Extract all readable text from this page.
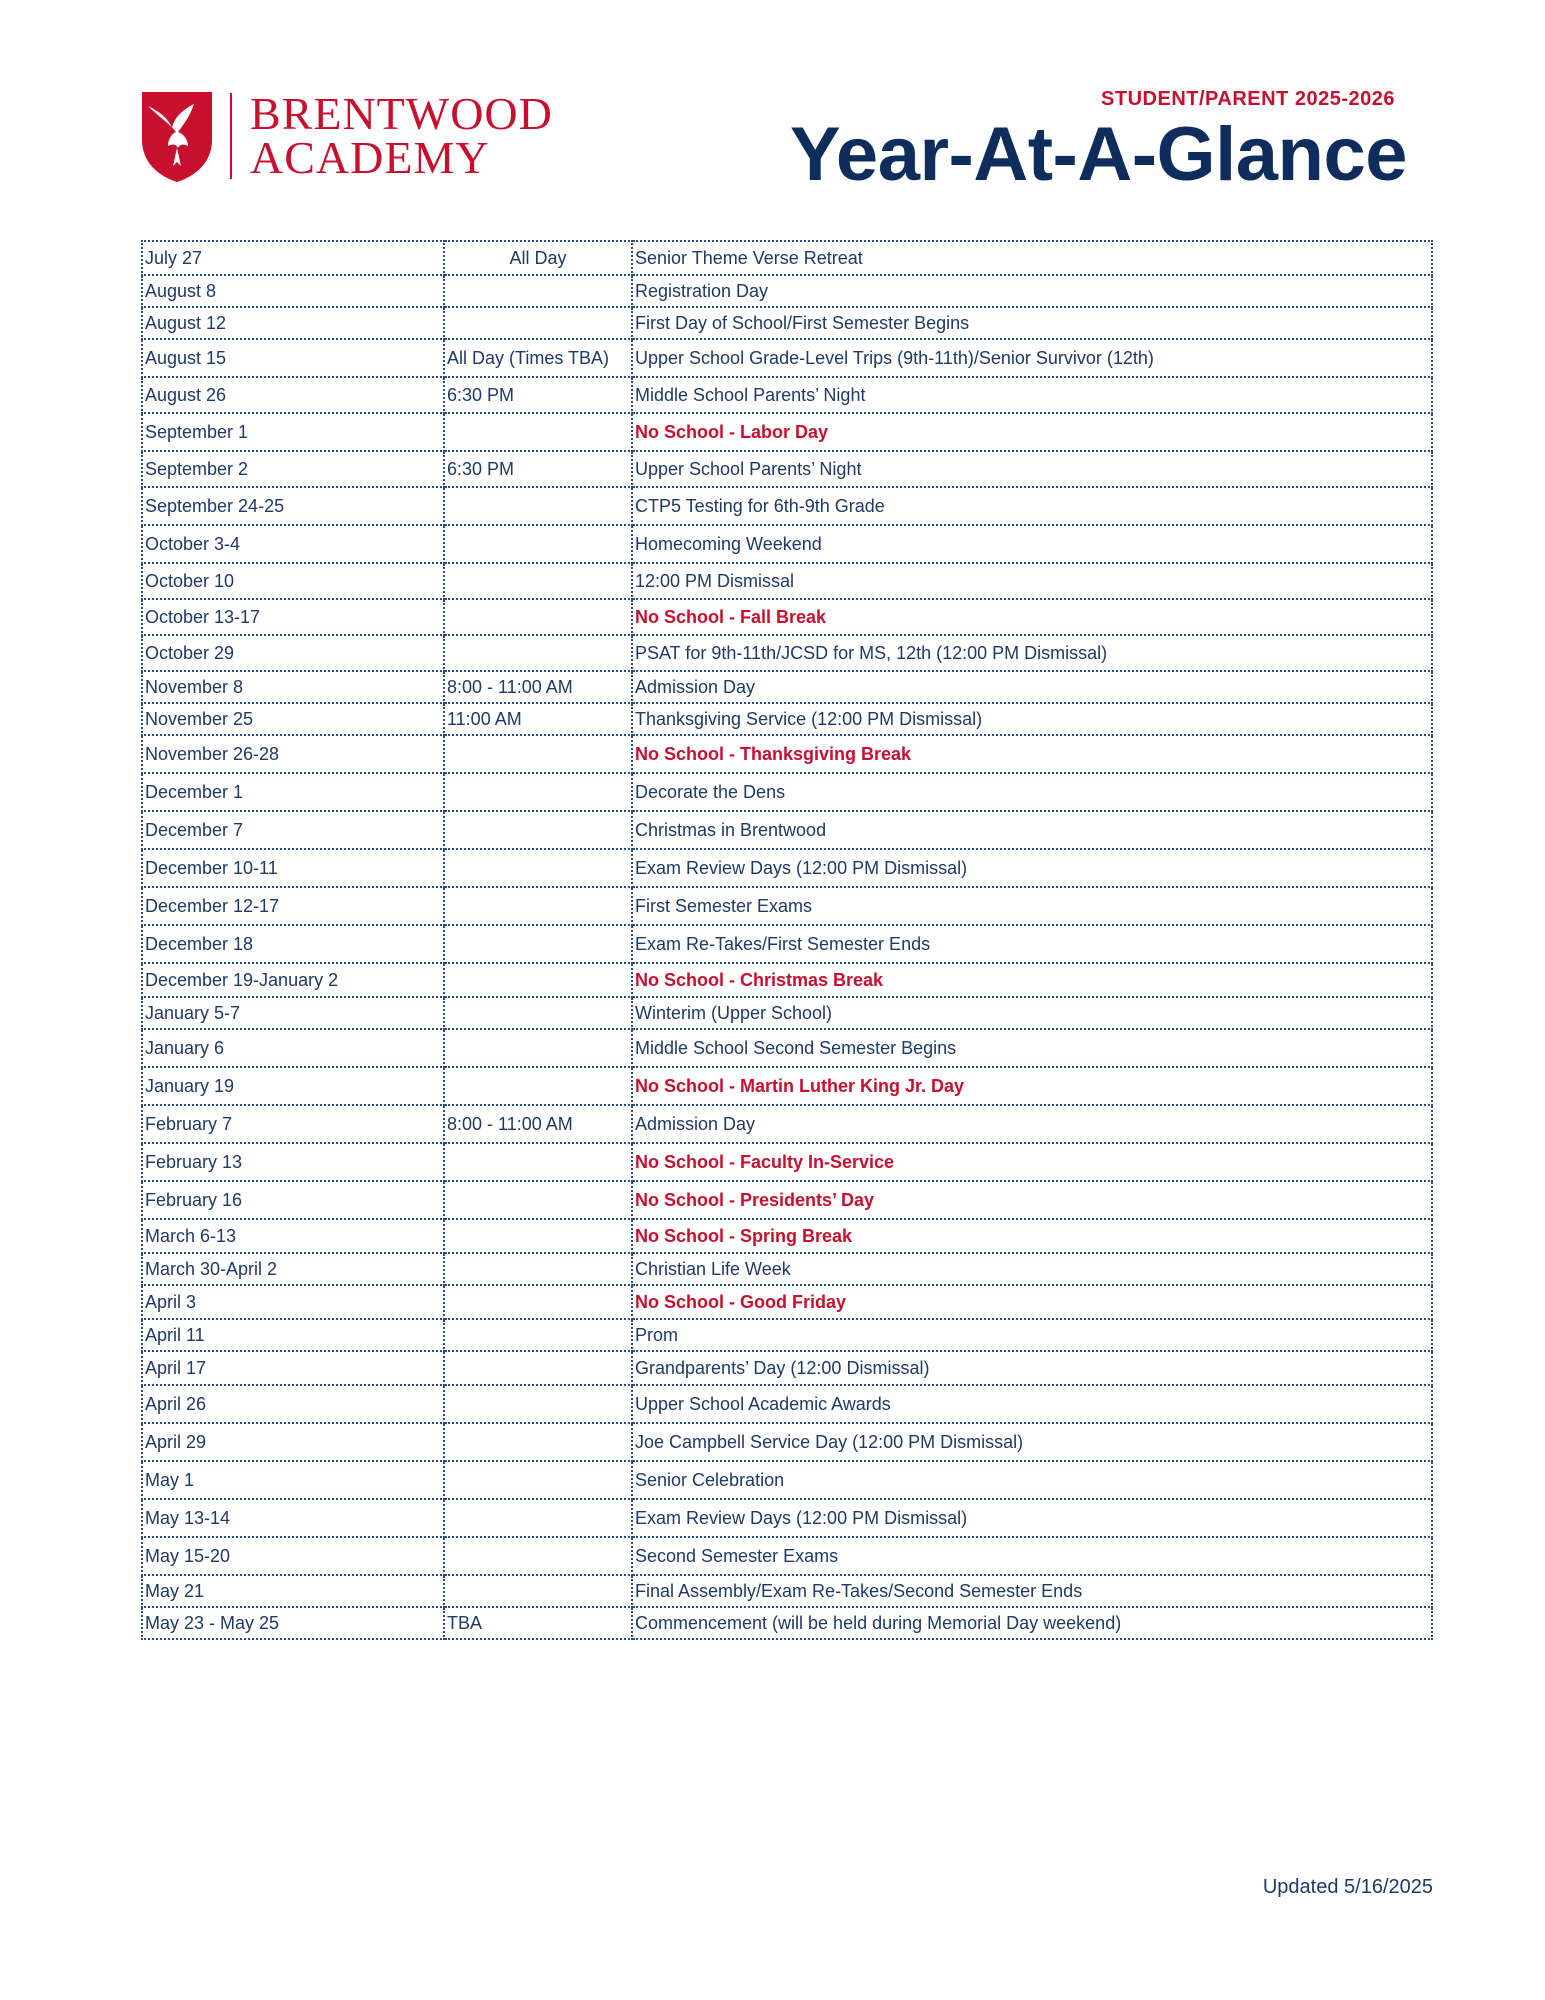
BRENTWOOD
ACADEMY
STUDENT/PARENT 2025-2026
Year-At-A-Glance
July 27	All Day	Senior Theme Verse Retreat
August 8		Registration Day
August 12		First Day of School/First Semester Begins
August 15	All Day (Times TBA)	Upper School Grade-Level Trips (9th-11th)/Senior Survivor (12th)
August 26	6:30 PM	Middle School Parents’ Night
September 1		No School - Labor Day
September 2	6:30 PM	Upper School Parents’ Night
September 24-25		CTP5 Testing for 6th-9th Grade
October 3-4		Homecoming Weekend
October 10		12:00 PM Dismissal
October 13-17		No School - Fall Break
October 29		PSAT for 9th-11th/JCSD for MS, 12th (12:00 PM Dismissal)
November 8	8:00 - 11:00 AM	Admission Day
November 25	11:00 AM	Thanksgiving Service (12:00 PM Dismissal)
November 26-28		No School - Thanksgiving Break
December 1		Decorate the Dens
December 7		Christmas in Brentwood
December 10-11		Exam Review Days (12:00 PM Dismissal)
December 12-17		First Semester Exams
December 18		Exam Re-Takes/First Semester Ends
December 19-January 2		No School - Christmas Break
January 5-7		Winterim (Upper School)
January 6		Middle School Second Semester Begins
January 19		No School - Martin Luther King Jr. Day
February 7	8:00 - 11:00 AM	Admission Day
February 13		No School - Faculty In-Service
February 16		No School - Presidents’ Day
March 6-13		No School - Spring Break
March 30-April 2		Christian Life Week
April 3		No School - Good Friday
April 11		Prom
April 17		Grandparents’ Day (12:00 Dismissal)
April 26		Upper School Academic Awards
April 29		Joe Campbell Service Day (12:00 PM Dismissal)
May 1		Senior Celebration
May 13-14		Exam Review Days (12:00 PM Dismissal)
May 15-20		Second Semester Exams
May 21		Final Assembly/Exam Re-Takes/Second Semester Ends
May 23 - May 25	TBA	Commencement (will be held during Memorial Day weekend)
Updated 5/16/2025
